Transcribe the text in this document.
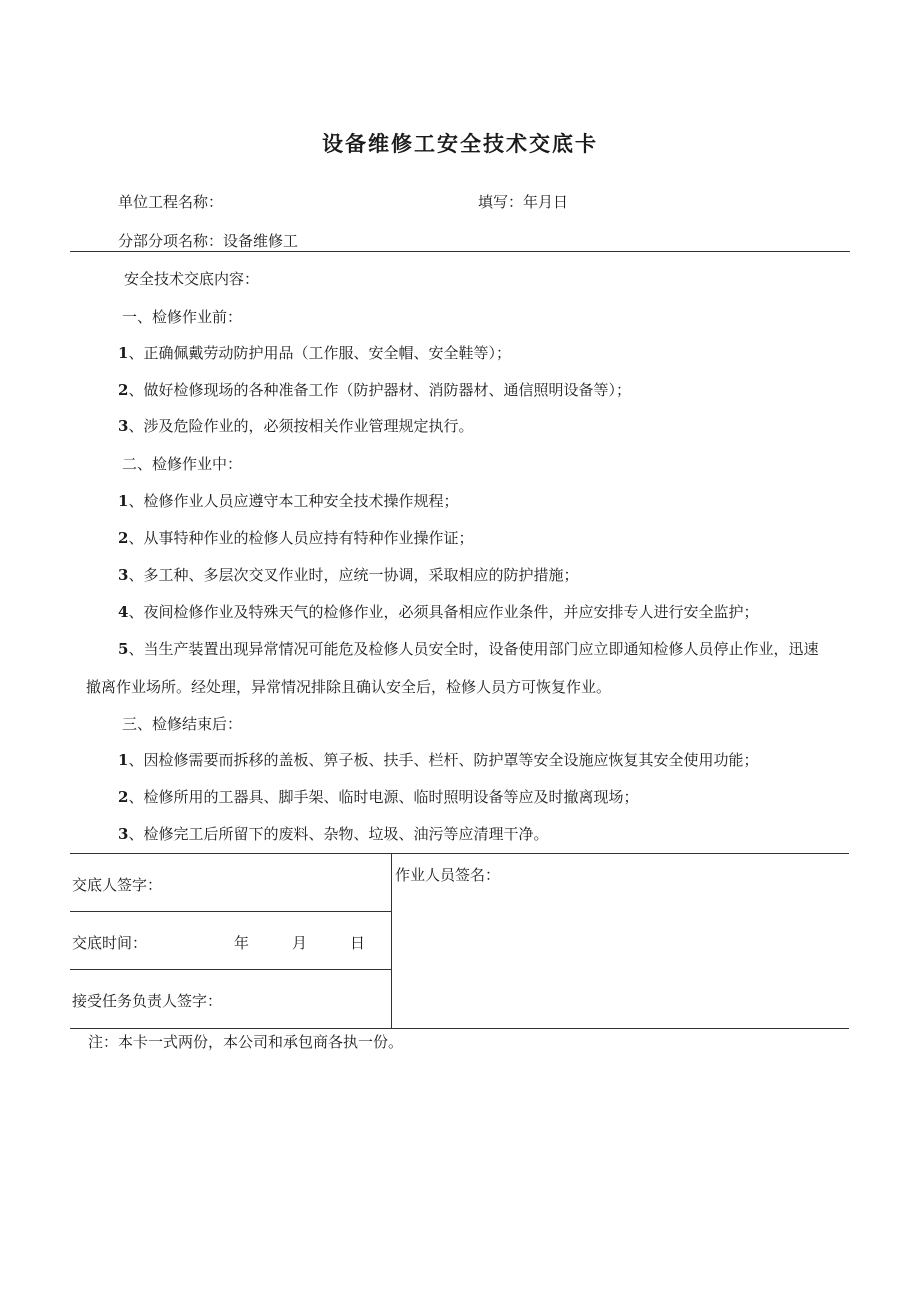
设备维修工安全技术交底卡
单位工程名称：	填写：年月日
分部分项名称：设备维修工
安全技术交底内容：
一、检修作业前：
1、正确佩戴劳动防护用品（工作服、安全帽、安全鞋等）；
2、做好检修现场的各种准备工作（防护器材、消防器材、通信照明设备等）；
3、涉及危险作业的，必须按相关作业管理规定执行。
二、检修作业中：
1、检修作业人员应遵守本工种安全技术操作规程；
2、从事特种作业的检修人员应持有特种作业操作证；
3、多工种、多层次交叉作业时，应统一协调，采取相应的防护措施；
4、夜间检修作业及特殊天气的检修作业，必须具备相应作业条件，并应安排专人进行安全监护；
5、当生产装置出现异常情况可能危及检修人员安全时，设备使用部门应立即通知检修人员停止作业，迅速
撤离作业场所。经处理，异常情况排除且确认安全后，检修人员方可恢复作业。
三、检修结束后：
1、因检修需要而拆移的盖板、箅子板、扶手、栏杆、防护罩等安全设施应恢复其安全使用功能；
2、检修所用的工器具、脚手架、临时电源、临时照明设备等应及时撤离现场；
3、检修完工后所留下的废料、杂物、垃圾、油污等应清理干净。
交底人签字：
交底时间：	年	月	日
接受任务负责人签字：
作业人员签名：
注：本卡一式两份，本公司和承包商各执一份。
